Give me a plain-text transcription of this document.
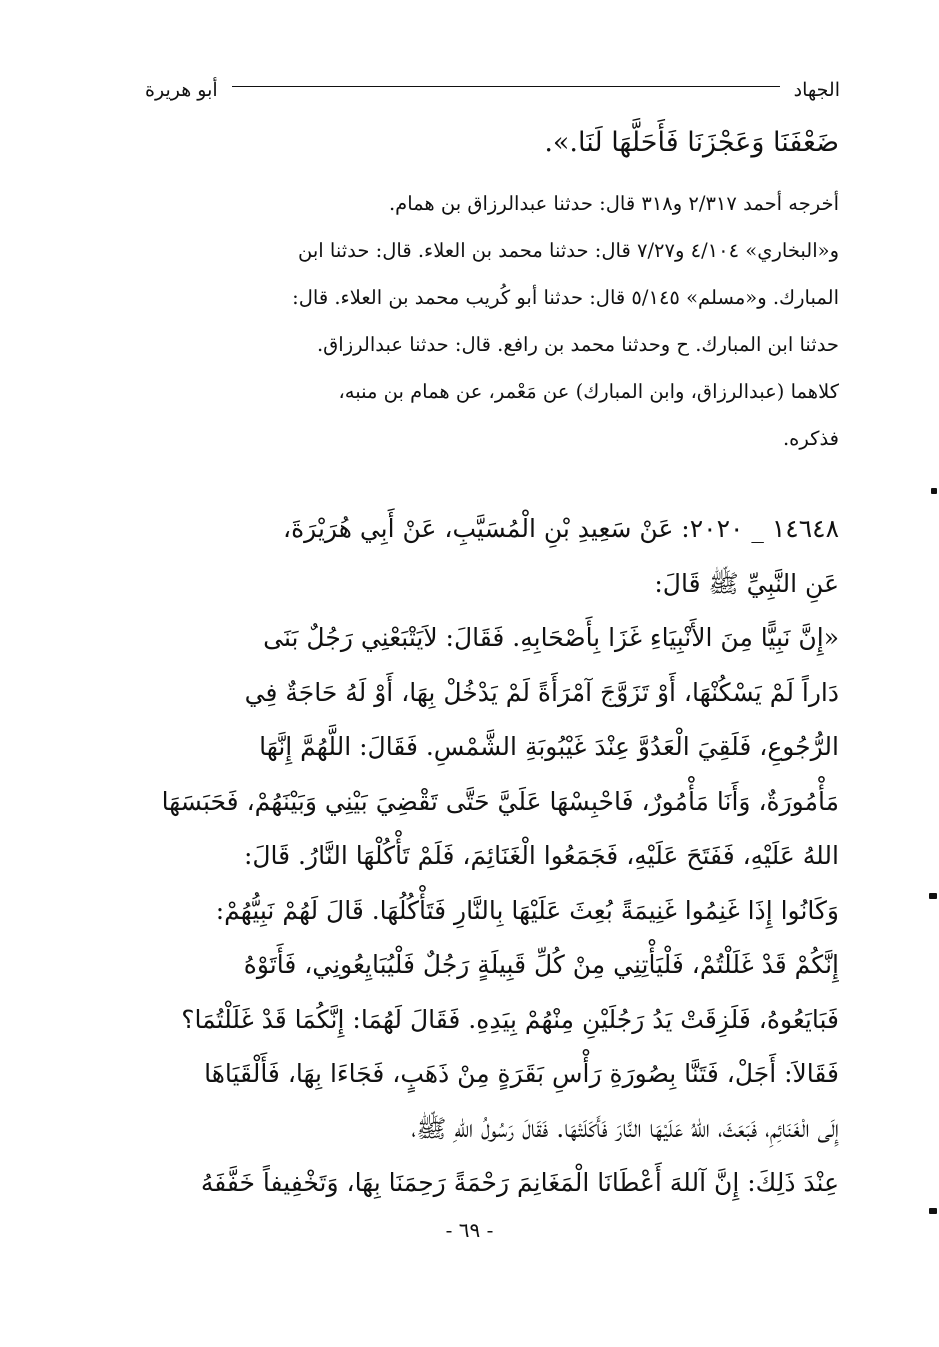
الجهاد
أبو هريرة

ضَعْفَنَا وَعَجْزَنَا فَأَحَلَّهَا لَنَا.».

أخرجه أحمد ٢/٣١٧ و٣١٨ قال: حدثنا عبدالرزاق بن همام.
و«البخاري» ٤/١٠٤ و٧/٢٧ قال: حدثنا محمد بن العلاء. قال: حدثنا ابن
المبارك. و«مسلم» ٥/١٤٥ قال: حدثنا أبو كُريب محمد بن العلاء. قال:
حدثنا ابن المبارك. ح وحدثنا محمد بن رافع. قال: حدثنا عبدالرزاق.
كلاهما (عبدالرزاق، وابن المبارك) عن مَعْمر، عن همام بن منبه،
فذكره.
١٤٦٤٨ _ ٢٠٢٠: عَنْ سَعِيدِ بْنِ الْمُسَيَّبِ، عَنْ أَبِي هُرَيْرَةَ،
عَنِ النَّبِيِّ ﷺ قَالَ:
«إِنَّ نَبِيًّا مِنَ الأَنْبِيَاءِ غَزَا بِأَصْحَابِهِ. فَقَالَ: لاَيَتْبَعْنِي رَجُلٌ بَنَى
دَاراً لَمْ يَسْكُنْهَا، أَوْ تَزَوَّجَ آمْرَأَةً لَمْ يَدْخُلْ بِهَا، أَوْ لَهُ حَاجَةٌ فِي
الرُّجُوعِ، فَلَقِيَ الْعَدُوَّ عِنْدَ غَيْبُوبَةِ الشَّمْسِ. فَقَالَ: اللَّهُمَّ إِنَّهَا
مَأْمُورَةٌ، وَأَنَا مَأْمُورٌ، فَاحْبِسْهَا عَلَيَّ حَتَّى تَقْضِيَ بَيْنِي وَبَيْنَهُمْ، فَحَبَسَهَا
اللهُ عَلَيْهِ، فَفَتَحَ عَلَيْهِ، فَجَمَعُوا الْغَنَائِمَ، فَلَمْ تَأْكُلْهَا النَّارُ. قَالَ:
وَكَانُوا إِذَا غَنِمُوا غَنِيمَةً بُعِثَ عَلَيْهَا بِالنَّارِ فَتَأْكُلُهَا. قَالَ لَهُمْ نَبِيُّهُمْ:
إِنَّكُمْ قَدْ غَلَلْتُمْ، فَلْيَأْتِنِي مِنْ كُلِّ قَبِيلَةٍ رَجُلٌ فَلْيُبَايِعُونِي، فَأَتَوْهُ
فَبَايَعُوهُ، فَلَزِقَتْ يَدُ رَجُلَيْنِ مِنْهُمْ بِيَدِهِ. فَقَالَ لَهُمَا: إِنَّكُمَا قَدْ غَلَلْتُمَا؟
فَقَالاَ: أَجَلْ، فَتَنَّا بِصُورَةِ رَأْسِ بَقَرَةٍ مِنْ ذَهَبٍ، فَجَاءَا بِهَا، فَأَلْقَيَاهَا
إِلَى الْغَنَائِمِ، فَبَعَثَ، اللهُ عَلَيْهَا النَّارَ فَأَكَلَتْهَا. فَقَالَ رَسُولُ اللهِ ﷺ،
عِنْدَ ذَلِكَ: إِنَّ آللهَ أَعْطَانَا الْمَغَانِمَ رَحْمَةً رَحِمَنَا بِهَا، وَتَخْفِيفاً خَفَّفَهُ
- ٦٩ -
